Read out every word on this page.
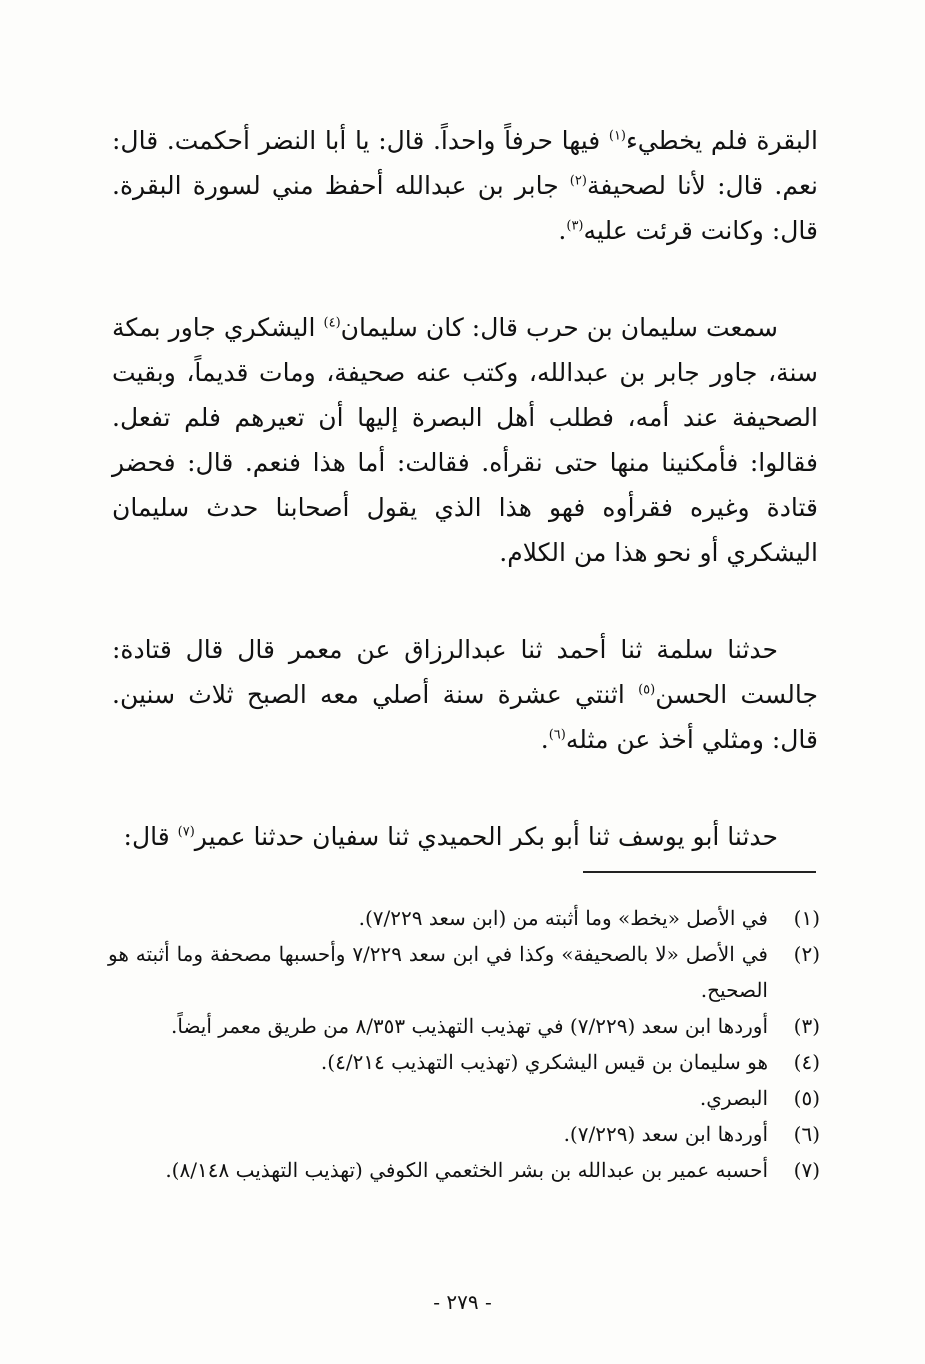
البقرة فلم يخطيء$^{(١)}$ فيها حرفاً واحداً. قال: يا أبا النضر أحكمت. قال: نعم. قال: لأنا لصحيفة$^{(٢)}$ جابر بن عبدالله أحفظ مني لسورة البقرة. قال: وكانت قرئت عليه$^{(٣)}$.

سمعت سليمان بن حرب قال: كان سليمان$^{(٤)}$ اليشكري جاور بمكة سنة، جاور جابر بن عبدالله، وكتب عنه صحيفة، ومات قديماً، وبقيت الصحيفة عند أمه، فطلب أهل البصرة إليها أن تعيرهم فلم تفعل. فقالوا: فأمكنينا منها حتى نقرأه. فقالت: أما هذا فنعم. قال: فحضر قتادة وغيره فقرأوه فهو هذا الذي يقول أصحابنا حدث سليمان اليشكري أو نحو هذا من الكلام.

حدثنا سلمة ثنا أحمد ثنا عبدالرزاق عن معمر قال قال قتادة: جالست الحسن$^{(٥)}$ اثنتي عشرة سنة أصلي معه الصبح ثلاث سنين. قال: ومثلي أخذ عن مثله$^{(٦)}$.

حدثنا أبو يوسف ثنا أبو بكر الحميدي ثنا سفيان حدثنا عمير$^{(٧)}$ قال:

(١)
في الأصل «يخط» وما أثبته من (ابن سعد ٧/٢٢٩).
(٢)
في الأصل «لا بالصحيفة» وكذا في ابن سعد ٧/٢٢٩ وأحسبها مصحفة وما أثبته هو الصحيح.
(٣)
أوردها ابن سعد (٧/٢٢٩) في تهذيب التهذيب ٨/٣٥٣ من طريق معمر أيضاً.
(٤)
هو سليمان بن قيس اليشكري (تهذيب التهذيب ٤/٢١٤).
(٥)
البصري.
(٦)
أوردها ابن سعد (٧/٢٢٩).
(٧)
أحسبه عمير بن عبدالله بن بشر الخثعمي الكوفي (تهذيب التهذيب ٨/١٤٨).
- ٢٧٩ -
